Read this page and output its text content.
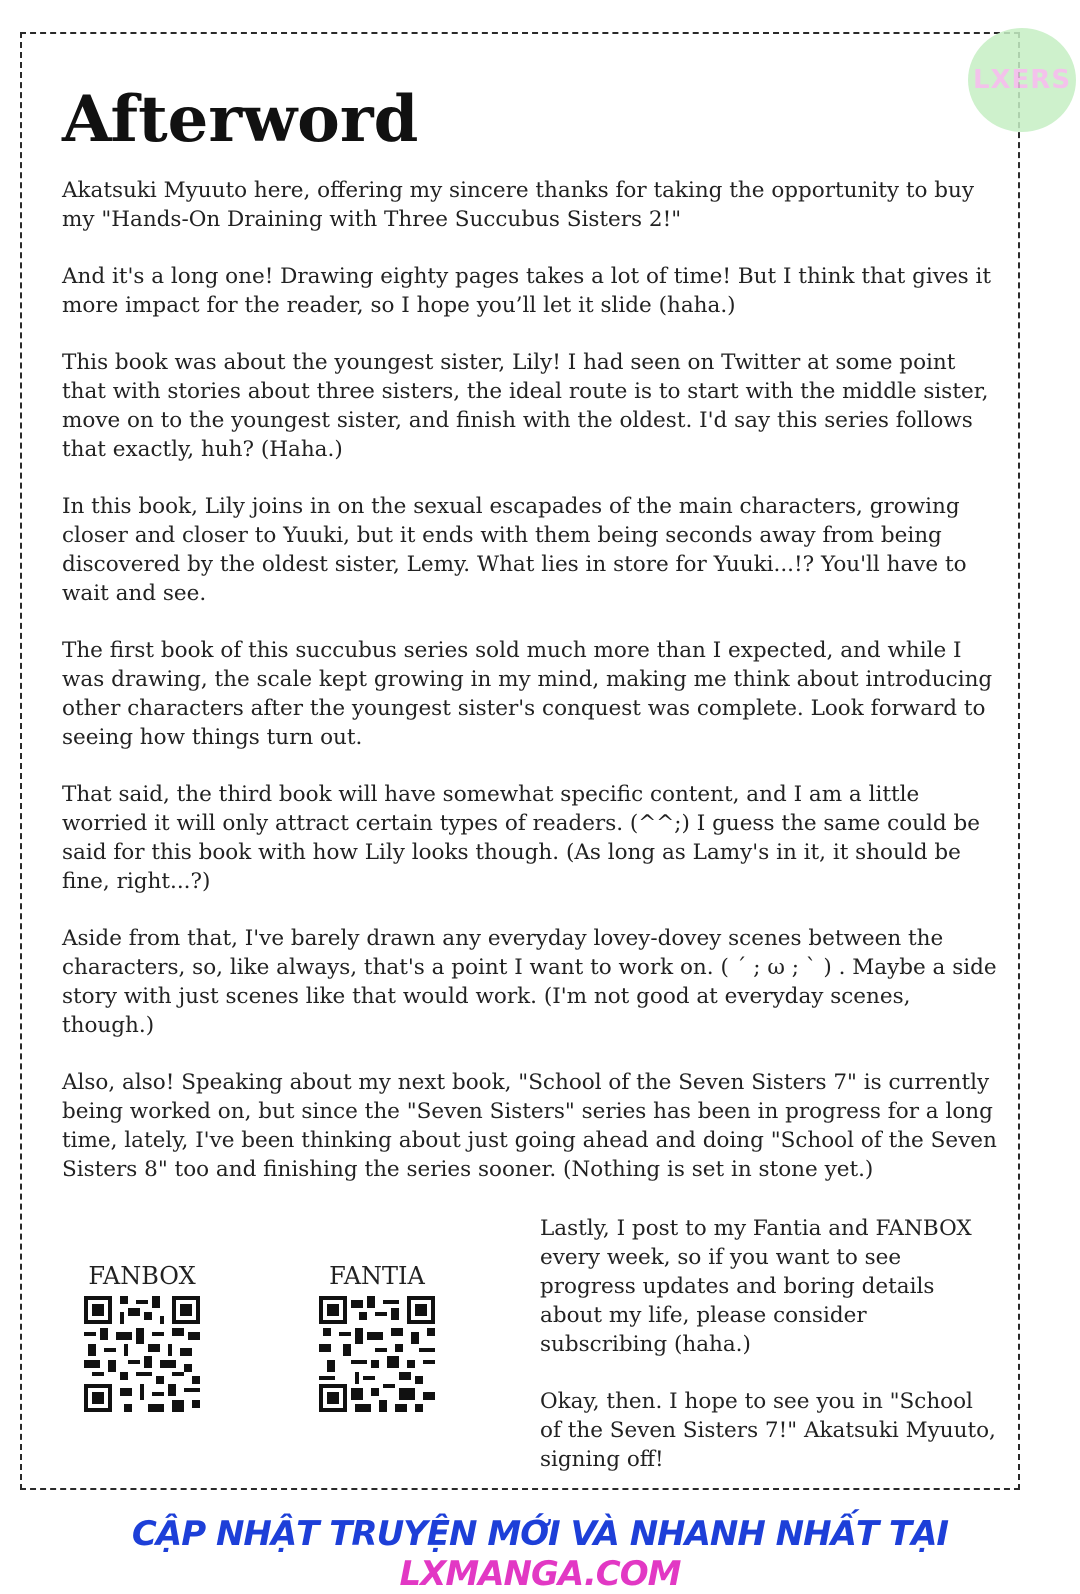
LXERS
Afterword

Akatsuki Myuuto here, offering my sincere thanks for taking the opportunity to buy my "Hands-On Draining with Three Succubus Sisters 2!"

And it's a long one! Drawing eighty pages takes a lot of time! But I think that gives it more impact for the reader, so I hope you’ll let it slide (haha.)

This book was about the youngest sister, Lily! I had seen on Twitter at some point that with stories about three sisters, the ideal route is to start with the middle sister, move on to the youngest sister, and finish with the oldest. I'd say this series follows that exactly, huh? (Haha.)

In this book, Lily joins in on the sexual escapades of the main characters, growing closer and closer to Yuuki, but it ends with them being seconds away from being discovered by the oldest sister, Lemy. What lies in store for Yuuki...!? You'll have to wait and see.

The first book of this succubus series sold much more than I expected, and while I was drawing, the scale kept growing in my mind, making me think about introducing other characters after the youngest sister's conquest was complete. Look forward to seeing how things turn out.

That said, the third book will have somewhat specific content, and I am a little worried it will only attract certain types of readers. (^^;) I guess the same could be said for this book with how Lily looks though. (As long as Lamy's in it, it should be fine, right...?)

Aside from that, I've barely drawn any everyday lovey-dovey scenes between the characters, so, like always, that's a point I want to work on. ( ´ ; ω ; ` ) . Maybe a side story with just scenes like that would work. (I'm not good at everyday scenes, though.)

Also, also! Speaking about my next book, "School of the Seven Sisters 7" is currently being worked on, but since the "Seven Sisters" series has been in progress for a long time, lately, I've been thinking about just going ahead and doing "School of the Seven Sisters 8" too and finishing the series sooner. (Nothing is set in stone yet.)

FANBOX	FANTIA

Lastly, I post to my Fantia and FANBOX every week, so if you want to see progress updates and boring details about my life, please consider subscribing (haha.)

Okay, then. I hope to see you in "School of the Seven Sisters 7!" Akatsuki Myuuto, signing off!

CẬP NHẬT TRUYỆN MỚI VÀ NHANH NHẤT TẠI LXMANGA.COM
